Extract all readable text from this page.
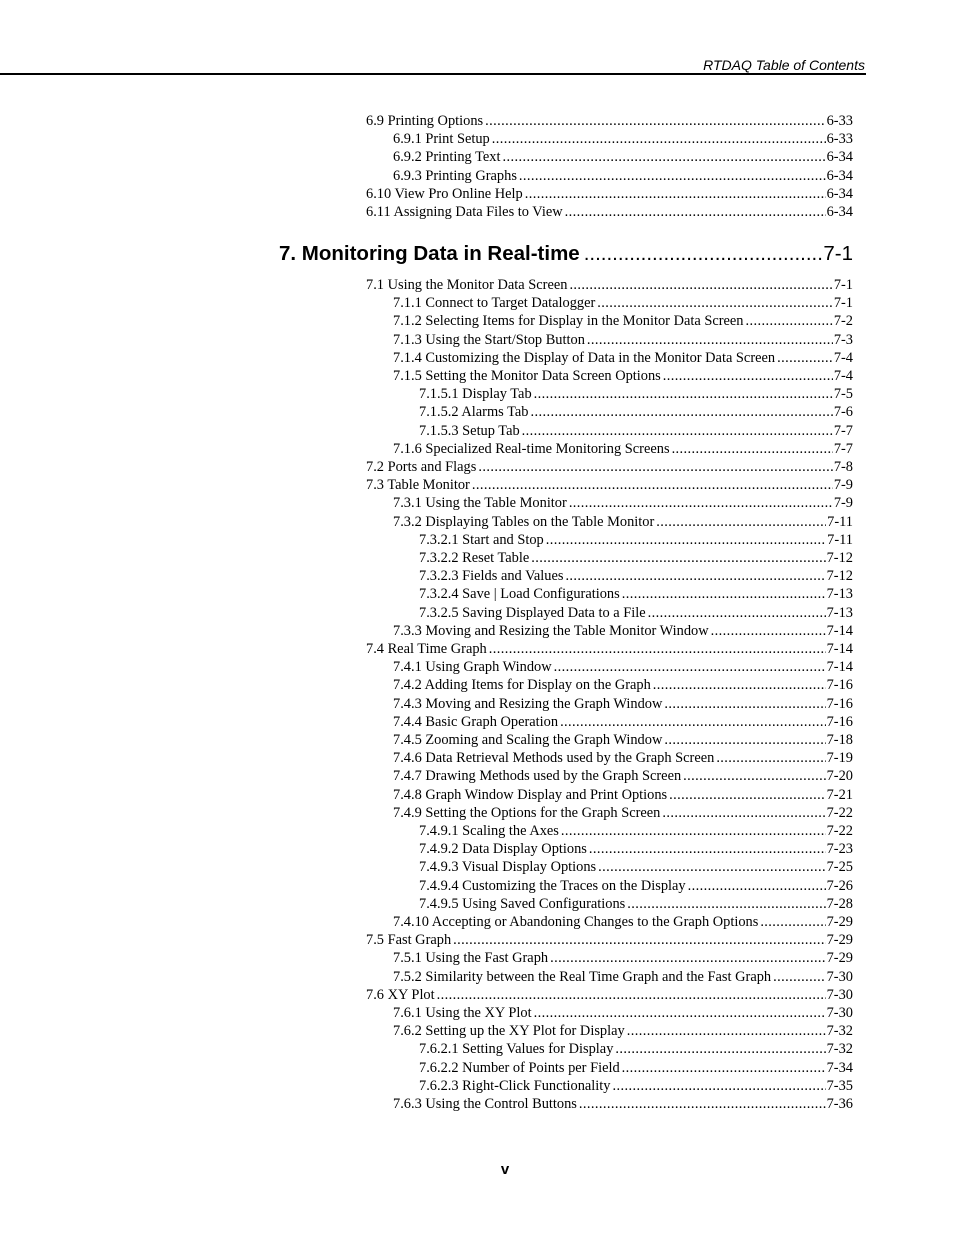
RTDAQ Table of Contents
6.9 Printing Options .....	6-33
6.9.1 Print Setup .....	6-33
6.9.2 Printing Text .....	6-34
6.9.3 Printing Graphs .....	6-34
6.10 View Pro Online Help .....	6-34
6.11 Assigning Data Files to View .....	6-34
7. Monitoring Data in Real-time .....	7-1
7.1 Using the Monitor Data Screen .....	7-1
7.1.1 Connect to Target Datalogger .....	7-1
7.1.2 Selecting Items for Display in the Monitor Data Screen .....	7-2
7.1.3 Using the Start/Stop Button .....	7-3
7.1.4 Customizing the Display of Data in the Monitor Data Screen .....	7-4
7.1.5 Setting the Monitor Data Screen Options .....	7-4
7.1.5.1 Display Tab .....	7-5
7.1.5.2 Alarms Tab .....	7-6
7.1.5.3 Setup Tab .....	7-7
7.1.6 Specialized Real-time Monitoring Screens .....	7-7
7.2 Ports and Flags .....	7-8
7.3 Table Monitor .....	7-9
7.3.1 Using the Table Monitor .....	7-9
7.3.2 Displaying Tables on the Table Monitor .....	7-11
7.3.2.1 Start and Stop .....	7-11
7.3.2.2 Reset Table .....	7-12
7.3.2.3 Fields and Values .....	7-12
7.3.2.4 Save | Load Configurations .....	7-13
7.3.2.5 Saving Displayed Data to a File .....	7-13
7.3.3 Moving and Resizing the Table Monitor Window .....	7-14
7.4 Real Time Graph .....	7-14
7.4.1 Using Graph Window .....	7-14
7.4.2 Adding Items for Display on the Graph .....	7-16
7.4.3 Moving and Resizing the Graph Window .....	7-16
7.4.4 Basic Graph Operation .....	7-16
7.4.5 Zooming and Scaling the Graph Window .....	7-18
7.4.6 Data Retrieval Methods used by the Graph Screen .....	7-19
7.4.7 Drawing Methods used by the Graph Screen .....	7-20
7.4.8 Graph Window Display and Print Options .....	7-21
7.4.9 Setting the Options for the Graph Screen .....	7-22
7.4.9.1 Scaling the Axes .....	7-22
7.4.9.2 Data Display Options .....	7-23
7.4.9.3 Visual Display Options .....	7-25
7.4.9.4 Customizing the Traces on the Display .....	7-26
7.4.9.5 Using Saved Configurations .....	7-28
7.4.10 Accepting or Abandoning Changes to the Graph Options .....	7-29
7.5 Fast Graph .....	7-29
7.5.1 Using the Fast Graph .....	7-29
7.5.2 Similarity between the Real Time Graph and the Fast Graph .....	7-30
7.6 XY Plot .....	7-30
7.6.1 Using the XY Plot .....	7-30
7.6.2 Setting up the XY Plot for Display .....	7-32
7.6.2.1 Setting Values for Display .....	7-32
7.6.2.2 Number of Points per Field .....	7-34
7.6.2.3 Right-Click Functionality .....	7-35
7.6.3 Using the Control Buttons .....	7-36
v
